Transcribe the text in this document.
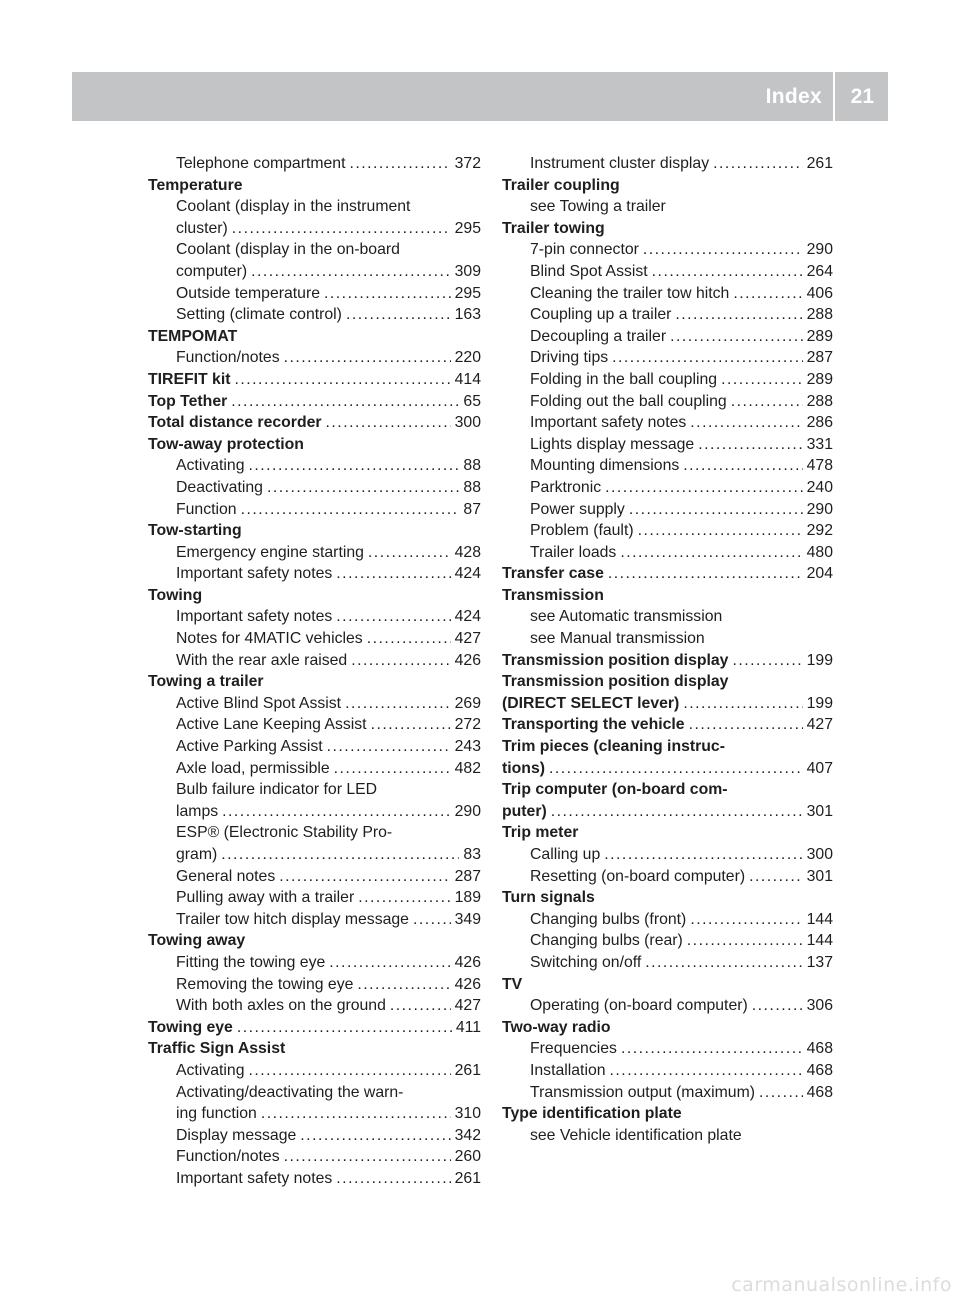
Index 21
Telephone compartment .....	372
Temperature
Coolant (display in the instrument
cluster) .....	295
Coolant (display in the on-board
computer) .....	309
Outside temperature .....	295
Setting (climate control) .....	163
TEMPOMAT
Function/notes .....	220
TIREFIT kit .....	414
Top Tether .....	65
Total distance recorder .....	300
Tow-away protection
Activating .....	88
Deactivating .....	88
Function .....	87
Tow-starting
Emergency engine starting .....	428
Important safety notes .....	424
Towing
Important safety notes .....	424
Notes for 4MATIC vehicles .....	427
With the rear axle raised .....	426
Towing a trailer
Active Blind Spot Assist .....	269
Active Lane Keeping Assist .....	272
Active Parking Assist .....	243
Axle load, permissible .....	482
Bulb failure indicator for LED
lamps .....	290
ESP® (Electronic Stability Pro-
gram) .....	83
General notes .....	287
Pulling away with a trailer .....	189
Trailer tow hitch display message .....	349
Towing away
Fitting the towing eye .....	426
Removing the towing eye .....	426
With both axles on the ground .....	427
Towing eye .....	411
Traffic Sign Assist
Activating .....	261
Activating/deactivating the warn-
ing function .....	310
Display message .....	342
Function/notes .....	260
Important safety notes .....	261
Instrument cluster display .....	261
Trailer coupling
see Towing a trailer
Trailer towing
7-pin connector .....	290
Blind Spot Assist .....	264
Cleaning the trailer tow hitch .....	406
Coupling up a trailer .....	288
Decoupling a trailer .....	289
Driving tips .....	287
Folding in the ball coupling .....	289
Folding out the ball coupling .....	288
Important safety notes .....	286
Lights display message .....	331
Mounting dimensions .....	478
Parktronic .....	240
Power supply .....	290
Problem (fault) .....	292
Trailer loads .....	480
Transfer case .....	204
Transmission
see Automatic transmission
see Manual transmission
Transmission position display .....	199
Transmission position display
(DIRECT SELECT lever) .....	199
Transporting the vehicle .....	427
Trim pieces (cleaning instruc-
tions) .....	407
Trip computer (on-board com-
puter) .....	301
Trip meter
Calling up .....	300
Resetting (on-board computer) .....	301
Turn signals
Changing bulbs (front) .....	144
Changing bulbs (rear) .....	144
Switching on/off .....	137
TV
Operating (on-board computer) .....	306
Two-way radio
Frequencies .....	468
Installation .....	468
Transmission output (maximum) .....	468
Type identification plate
see Vehicle identification plate
carmanualsonline.info
